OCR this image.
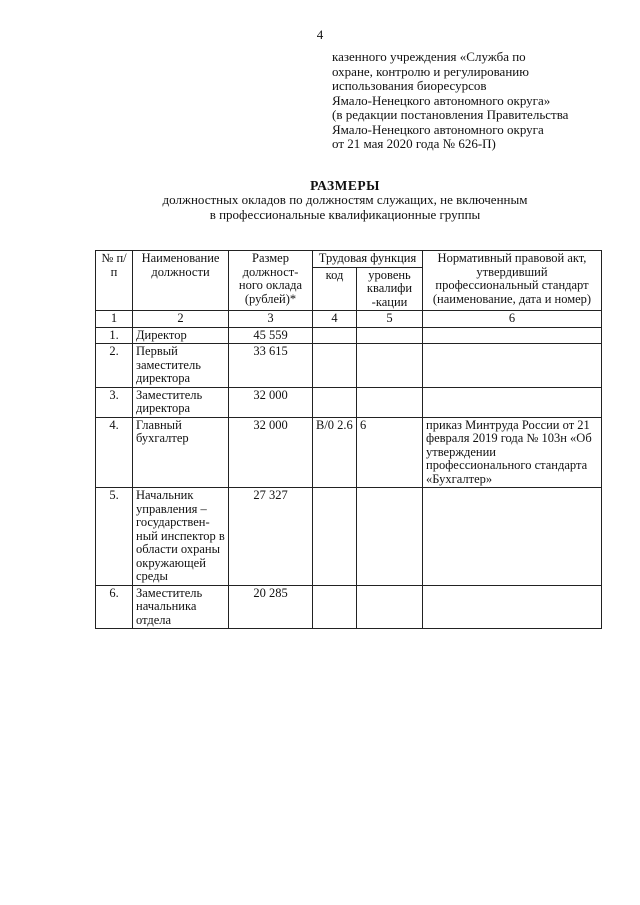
4
казенного учреждения «Служба по
охране, контролю и регулированию
использования биоресурсов
Ямало-Ненецкого автономного округа»
(в редакции постановления Правительства
Ямало-Ненецкого автономного округа
от 21 мая 2020 года № 626-П)
РАЗМЕРЫ
должностных окладов по должностям служащих, не включенным
в профессиональные квалификационные группы
№ п/п	Наименование должности	Размер должност-ного оклада (рублей)*	Трудовая функция		Нормативный правовой акт, утвердивший профессиональный стандарт (наименование, дата и номер)
			код	уровень квалифи -кации	
1	2	3	4	5	6
1.	Директор	45 559			
2.	Первый заместитель директора	33 615			
3.	Заместитель директора	32 000			
4.	Главный бухгалтер	32 000	В/0 2.6	6	приказ Минтруда России от 21 февраля 2019 года № 103н «Об утверждении профессионального стандарта «Бухгалтер»
5.	Начальник управления – государствен-ный инспектор в области охраны окружающей среды	27 327			
6.	Заместитель начальника отдела	20 285			
